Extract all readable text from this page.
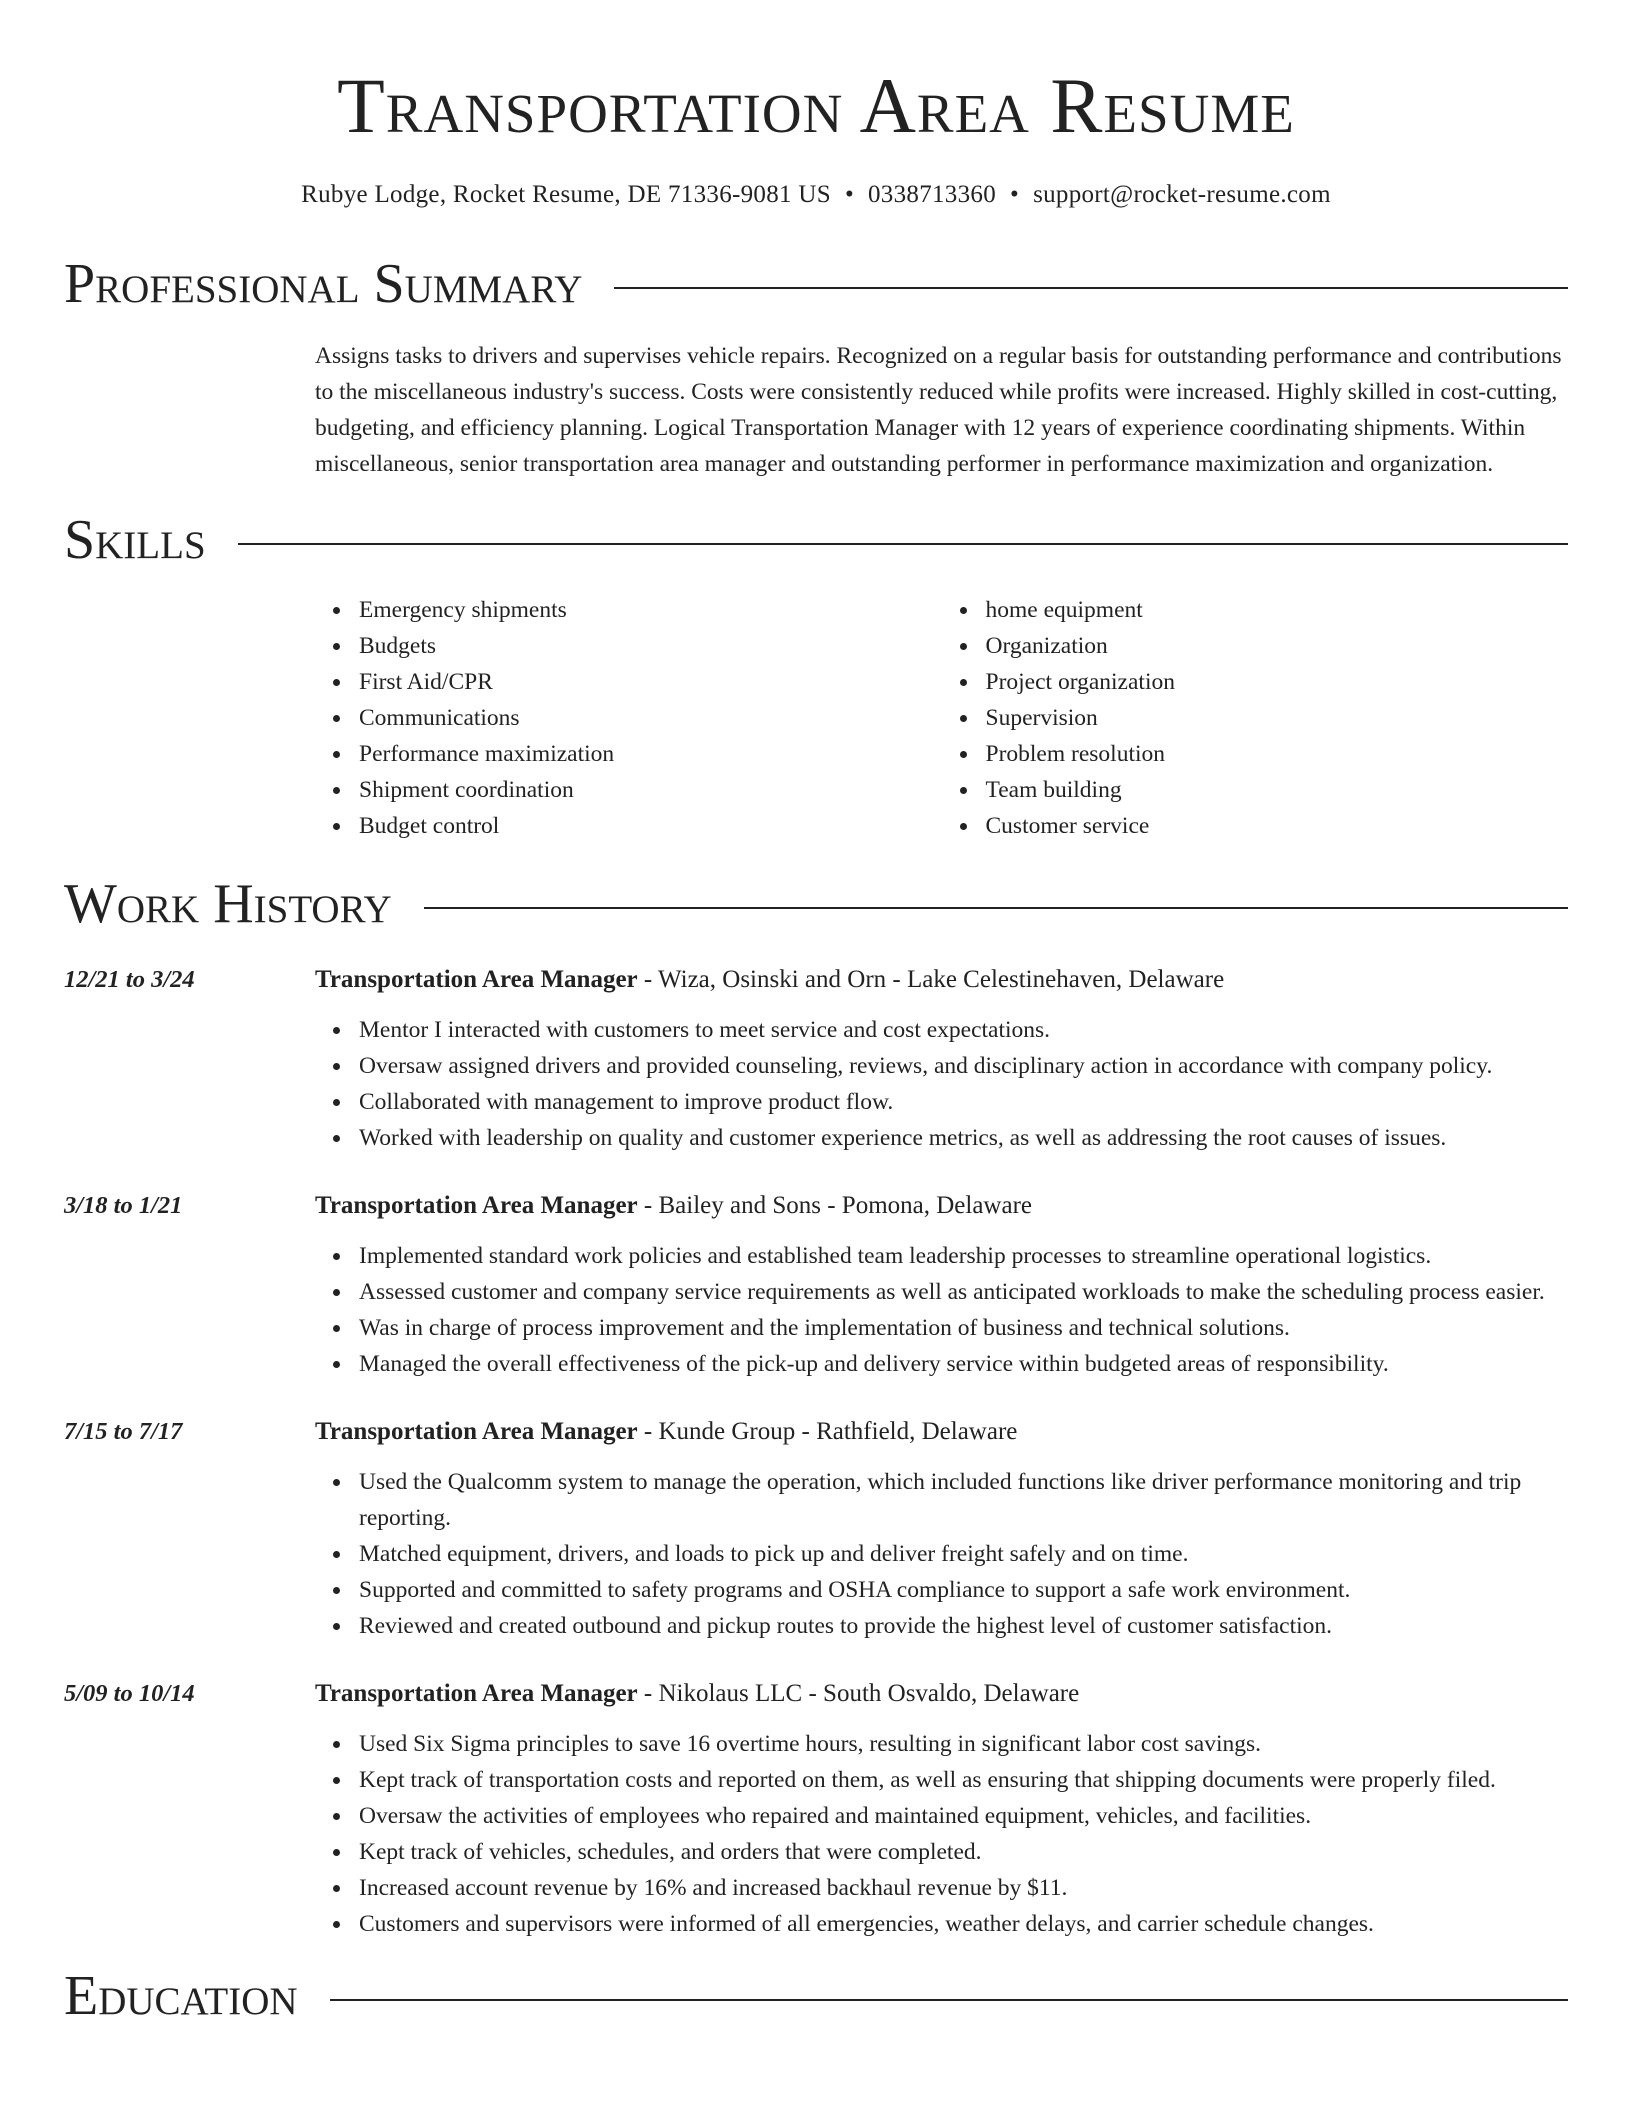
Transportation Area Resume
Rubye Lodge, Rocket Resume, DE 71336-9081 US • 0338713360 • support@rocket-resume.com
Professional Summary

Assigns tasks to drivers and supervises vehicle repairs. Recognized on a regular basis for outstanding performance and contributions to the miscellaneous industry's success. Costs were consistently reduced while profits were increased. Highly skilled in cost-cutting, budgeting, and efficiency planning. Logical Transportation Manager with 12 years of experience coordinating shipments. Within miscellaneous, senior transportation area manager and outstanding performer in performance maximization and organization.

Skills
Emergency shipments
Budgets
First Aid/CPR
Communications
Performance maximization
Shipment coordination
Budget control
home equipment
Organization
Project organization
Supervision
Problem resolution
Team building
Customer service
Work History
12/21 to 3/24	Transportation Area Manager - Wiza, Osinski and Orn - Lake Celestinehaven, Delaware
Mentor I interacted with customers to meet service and cost expectations.
Oversaw assigned drivers and provided counseling, reviews, and disciplinary action in accordance with company policy.
Collaborated with management to improve product flow.
Worked with leadership on quality and customer experience metrics, as well as addressing the root causes of issues.
3/18 to 1/21	Transportation Area Manager - Bailey and Sons - Pomona, Delaware
Implemented standard work policies and established team leadership processes to streamline operational logistics.
Assessed customer and company service requirements as well as anticipated workloads to make the scheduling process easier.
Was in charge of process improvement and the implementation of business and technical solutions.
Managed the overall effectiveness of the pick-up and delivery service within budgeted areas of responsibility.
7/15 to 7/17	Transportation Area Manager - Kunde Group - Rathfield, Delaware
Used the Qualcomm system to manage the operation, which included functions like driver performance monitoring and trip reporting.
Matched equipment, drivers, and loads to pick up and deliver freight safely and on time.
Supported and committed to safety programs and OSHA compliance to support a safe work environment.
Reviewed and created outbound and pickup routes to provide the highest level of customer satisfaction.
5/09 to 10/14	Transportation Area Manager - Nikolaus LLC - South Osvaldo, Delaware
Used Six Sigma principles to save 16 overtime hours, resulting in significant labor cost savings.
Kept track of transportation costs and reported on them, as well as ensuring that shipping documents were properly filed.
Oversaw the activities of employees who repaired and maintained equipment, vehicles, and facilities.
Kept track of vehicles, schedules, and orders that were completed.
Increased account revenue by 16% and increased backhaul revenue by $11.
Customers and supervisors were informed of all emergencies, weather delays, and carrier schedule changes.
Education
